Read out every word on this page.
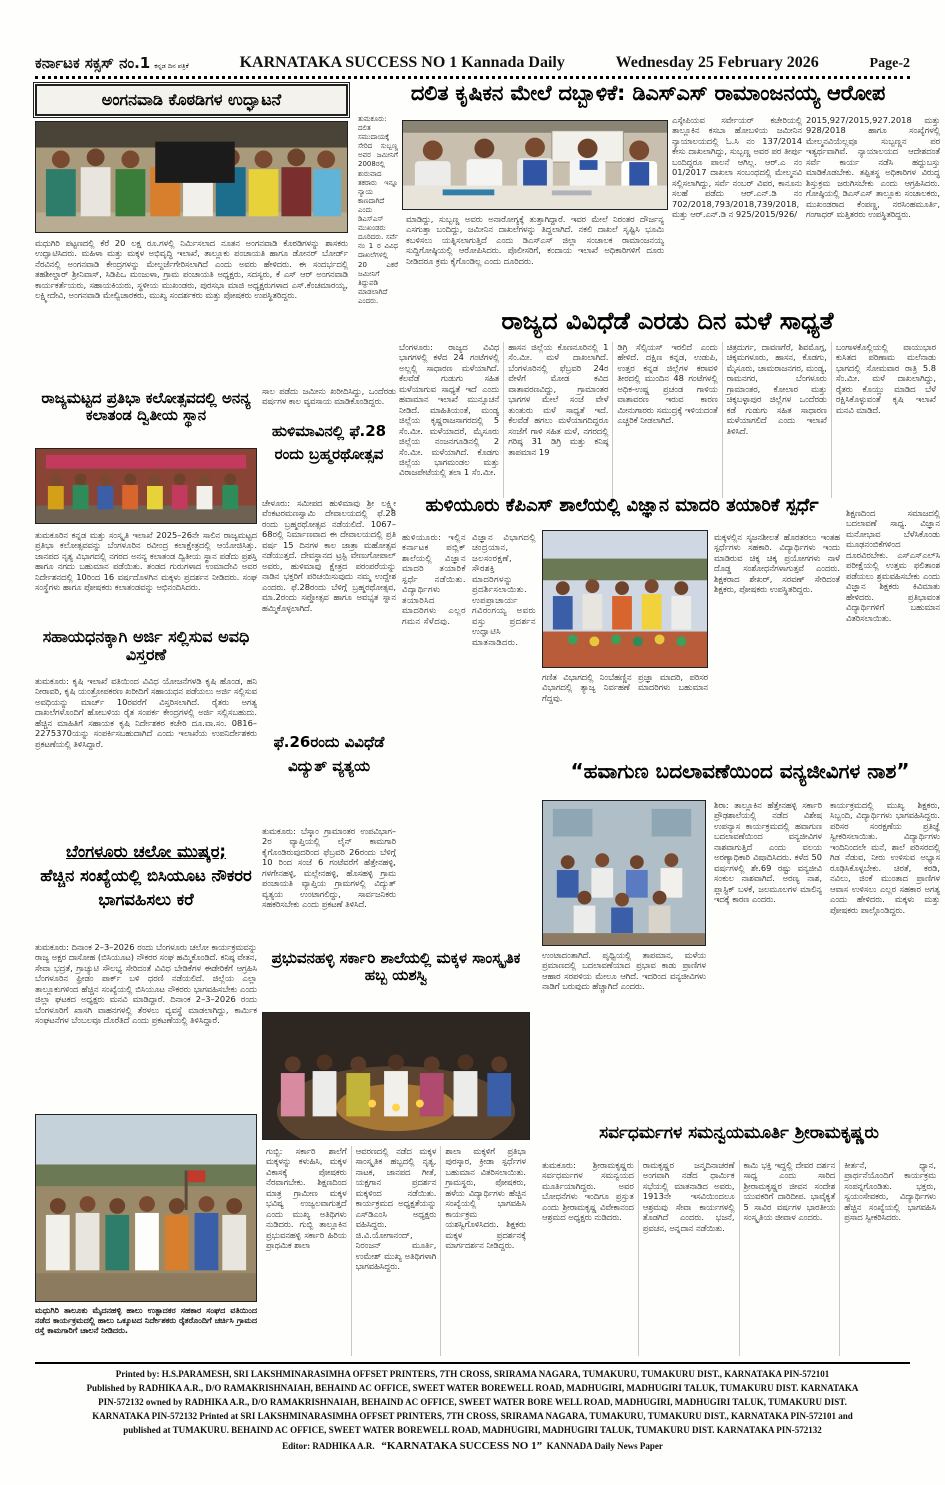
ಕರ್ನಾಟಕ ಸಕ್ಸಸ್ ನಂ.1 ಕನ್ನಡ ದಿನ ಪತ್ರಿಕೆ	KARNATAKA SUCCESS NO 1 Kannada Daily	Wednesday 25 February 2026	Page-2
ಅಂಗನವಾಡಿ ಕೊಠಡಿಗಳ ಉದ್ಘಾಟನೆ
ಮಧುಗಿರಿ ಪಟ್ಟಣದಲ್ಲಿ ಕೆರೆ 20 ಲಕ್ಷ ರೂ.ಗಳಲ್ಲಿ ನಿರ್ಮಿಸಲಾದ ನೂತನ ಅಂಗನವಾಡಿ ಕೊಠಡಿಗಳನ್ನು ಶಾಸಕರು ಉದ್ಘಾಟಿಸಿದರು. ಮಹಿಳಾ ಮತ್ತು ಮಕ್ಕಳ ಅಭಿವೃದ್ಧಿ ಇಲಾಖೆ, ತಾಲ್ಲೂಕು ಪಂಚಾಯತಿ ಹಾಗೂ ಡೋನರ್ ಬೋರ್ಡ್ ನೆರವಿನಲ್ಲಿ ಅಂಗನವಾಡಿ ಕೇಂದ್ರಗಳನ್ನು ಮೇಲ್ದರ್ಜೆಗೇರಿಸಲಾಗಿದೆ ಎಂದು ಅವರು ಹೇಳಿದರು. ಈ ಸಂದರ್ಭದಲ್ಲಿ ತಹಶೀಲ್ದಾರ್ ಶ್ರೀನಿವಾಸ್, ಸಿಡಿಪಿಒ ಮಂಜುಳಾ, ಗ್ರಾಮ ಪಂಚಾಯತಿ ಅಧ್ಯಕ್ಷರು, ಸದಸ್ಯರು, ಕೆ ಎಸ್ ಆರ್ ಅಂಗನವಾಡಿ ಕಾರ್ಯಕರ್ತೆಯರು, ಸಹಾಯಕಿಯರು, ಸ್ಥಳೀಯ ಮುಖಂಡರು, ಪುರಸಭಾ ಮಾಜಿ ಅಧ್ಯಕ್ಷರುಗಳಾದ ಎಸ್.ಕೆಂಚಮಾರಯ್ಯ, ಲಕ್ಷ್ಮೀದೇವಿ, ಅಂಗನವಾಡಿ ಮೇಲ್ವಿಚಾರಕರು, ಮುಖ್ಯ ಸಂದರ್ಶಕರು ಮತ್ತು ಪೋಷಕರು ಉಪಸ್ಥಿತರಿದ್ದರು.
ದಲಿತ ಕೃಷಿಕನ ಮೇಲೆ ದಬ್ಬಾಳಿಕೆ: ಡಿಎಸ್‌ಎಸ್ ರಾಮಾಂಜನಯ್ಯ ಆರೋಪ
ತುಮಕೂರು: ದಲಿತ ಸಮುದಾಯಕ್ಕೆ ಸೇರಿದ ಸುಬ್ಬಣ್ಣ ಅವರ ಜಮೀನಿಗೆ 2008ರಲ್ಲಿ ಶುರುವಾದ ತಕರಾರು ಇನ್ನೂ ನ್ಯಾಯ ಕಾಣದಾಗಿದೆ ಎಂದು ಡಿಎಸ್‌ಎಸ್ ಮುಖಂಡರು ದೂರಿದರು. ಸರ್ವೆ ನಂ 1 ರ ವಿವಿಧ ದಾಖಲೆಗಳಲ್ಲಿ 20 ಎಕರೆ ಜಮೀನಿಗೆ ತಿದ್ದುಪಡಿ ಮಾಡಲಾಗಿದೆ ಎಂದರು.
ಮಾಡಿದ್ದು, ಸುಬ್ಬಣ್ಣ ಅವರು ಅನಾರೋಗ್ಯಕ್ಕೆ ತುತ್ತಾಗಿದ್ದಾರೆ. ಇವರ ಮೇಲೆ ನಿರಂತರ ದೌರ್ಜನ್ಯ ಎಸಗುತ್ತಾ ಬಂದಿದ್ದು, ಜಮೀನಿನ ದಾಖಲೆಗಳನ್ನು ತಿದ್ದಲಾಗಿದೆ. ನಕಲಿ ದಾಖಲೆ ಸೃಷ್ಟಿಸಿ ಭೂಮಿ ಕಬಳಿಸಲು ಯತ್ನಿಸಲಾಗುತ್ತಿದೆ ಎಂದು ಡಿಎಸ್‌ಎಸ್ ಜಿಲ್ಲಾ ಸಂಚಾಲಕ ರಾಮಾಂಜನಯ್ಯ ಸುದ್ದಿಗೋಷ್ಠಿಯಲ್ಲಿ ಆರೋಪಿಸಿದರು. ಪೊಲೀಸರಿಗೆ, ಕಂದಾಯ ಇಲಾಖೆ ಅಧಿಕಾರಿಗಳಿಗೆ ದೂರು ನೀಡಿದರೂ ಕ್ರಮ ಕೈಗೊಂಡಿಲ್ಲ ಎಂದು ದೂರಿದರು.
ಎಸ್ಕೇಪಿಯವ ಸರ್ವೇಯರ್ ಕಚೇರಿಯಲ್ಲಿ ತಾಲ್ಲೂಕಿನ ಕಸಬಾ ಹೋಬಳಿಯ ಜಮೀನಿನ ನ್ಯಾಯಾಲಯದಲ್ಲಿ ಓ.ಸಿ ನಂ 137/2014 ಕೇಸು ದಾಖಲಾಗಿದ್ದು, ಸುಬ್ಬಣ್ಣ ಅವರ ಪರ ತೀರ್ಪು ಬಂದಿದ್ದರೂ ಪಾಲನೆ ಆಗಿಲ್ಲ. ಆರ್.ಎ ನಂ 01/2017 ದಾಖಲಾ ಸಂಬಂಧದಲ್ಲಿ ಮೇಲ್ಮನವಿ ಸಲ್ಲಿಸಲಾಗಿದ್ದು, ಸರ್ವೆ ನಂಬರ್ ವಿವರ, ಕಾನೂನು ಸಲಹೆ ಪಡೆದು ಆರ್.ಎನ್.ಡಿ ನಂ 702/2018,793/2018,739/2018, ಮತ್ತು ಆರ್.ಎನ್.ಡಿ ನ 925/2015/926/
2015,927/2015,927.2018 ಮತ್ತು 928/2018 ಹಾಗೂ ಸಂಖ್ಯೆಗಳಲ್ಲಿ ಮೇಲ್ಮನವಿಯೆಲ್ಲವೂ ಸುಬ್ಬಣ್ಣನ ಪರ ಇತ್ಯರ್ಥವಾಗಿವೆ. ನ್ಯಾಯಾಲಯದ ಆದೇಶದಂತೆ ಸರ್ವೆ ಕಾರ್ಯ ನಡೆಸಿ ಹದ್ದುಬಸ್ತು ಮಾಡಿಕೊಡಬೇಕು. ತಪ್ಪಿತಸ್ಥ ಅಧಿಕಾರಿಗಳ ವಿರುದ್ಧ ಶಿಸ್ತುಕ್ರಮ ಜರುಗಿಸಬೇಕು ಎಂದು ಆಗ್ರಹಿಸಿದರು. ಗೋಷ್ಠಿಯಲ್ಲಿ ಡಿಎಸ್‌ಎಸ್ ತಾಲ್ಲೂಕು ಸಂಚಾಲಕರು, ಮುಖಂಡರಾದ ಕೆಂಪಣ್ಣ, ನರಸಿಂಹಮೂರ್ತಿ, ಗಂಗಾಧರ್ ಮತ್ತಿತರರು ಉಪಸ್ಥಿತರಿದ್ದರು.
ಸಾಲ ಪಡೆದು ಜಮೀನು ಖರೀದಿಸಿದ್ದು, ಒಂದೆರಡು ವರ್ಷಗಳ ಕಾಲ ವ್ಯವಸಾಯ ಮಾಡಿಕೊಂಡಿದ್ದರು.
ರಾಜ್ಯದ ವಿವಿಧೆಡೆ ಎರಡು ದಿನ ಮಳೆ ಸಾಧ್ಯತೆ
ಬೆಂಗಳೂರು: ರಾಜ್ಯದ ವಿವಿಧ ಭಾಗಗಳಲ್ಲಿ ಕಳೆದ 24 ಗಂಟೆಗಳಲ್ಲಿ ಅಲ್ಲಲ್ಲಿ ಸಾಧಾರಣ ಮಳೆಯಾಗಿದೆ. ಕೆಲವೆಡೆ ಗುಡುಗು ಸಹಿತ ಮಳೆಯಾಗುವ ಸಾಧ್ಯತೆ ಇದೆ ಎಂದು ಹವಾಮಾನ ಇಲಾಖೆ ಮುನ್ಸೂಚನೆ ನೀಡಿದೆ. ಮಾಹಿತಿಯಂತೆ, ಮಂಡ್ಯ ಜಿಲ್ಲೆಯ ಕೃಷ್ಣರಾಜಸಾಗರದಲ್ಲಿ 5 ಸೆಂ.ಮೀ. ಮಳೆಯಾದರೆ, ಮೈಸೂರು ಜಿಲ್ಲೆಯ ನಂಜನಗೂಡಿನಲ್ಲಿ 2 ಸೆಂ.ಮೀ. ಮಳೆಯಾಗಿದೆ. ಕೊಡಗು ಜಿಲ್ಲೆಯ ಭಾಗಮಂಡಲ ಮತ್ತು ವಿರಾಜಪೇಟೆಯಲ್ಲಿ ತಲಾ 1 ಸೆಂ.ಮೀ.
ಹಾಸನ ಜಿಲ್ಲೆಯ ಕೊಣನೂರಿನಲ್ಲಿ 1 ಸೆಂ.ಮೀ. ಮಳೆ ದಾಖಲಾಗಿದೆ. ಬೆಂಗಳೂರಿನಲ್ಲಿ ಫೆಬ್ರವರಿ 24ರ ವೇಳೆಗೆ ಮೋಡ ಕವಿದ ವಾತಾವರಣವಿದ್ದು, ಗ್ರಾಮಾಂತರ ಭಾಗಗಳ ಮೇಲೆ ಸಂಜೆ ವೇಳೆ ತುಂತುರು ಮಳೆ ಸಾಧ್ಯತೆ ಇದೆ. ಕೆಲವೆಡೆ ಹಗಲು ಮಳೆಯಾಗದಿದ್ದರೂ ಸಂಜೆಗೆ ಗಾಳಿ ಸಹಿತ ಮಳೆ, ನಗರದಲ್ಲಿ ಗರಿಷ್ಠ 31 ಡಿಗ್ರಿ ಮತ್ತು ಕನಿಷ್ಠ ತಾಪಮಾನ 19
ಡಿಗ್ರಿ ಸೆಲ್ಸಿಯಸ್ ಇರಲಿದೆ ಎಂದು ಹೇಳಿದೆ. ದಕ್ಷಿಣ ಕನ್ನಡ, ಉಡುಪಿ, ಉತ್ತರ ಕನ್ನಡ ಜಿಲ್ಲೆಗಳ ಕರಾವಳಿ ತೀರದಲ್ಲಿ ಮುಂದಿನ 48 ಗಂಟೆಗಳಲ್ಲಿ ಅಧಿಕ-ಉಷ್ಣ ಪ್ರಚಂಡ ಗಾಳಿಯ ವಾತಾವರಣ ಇರುವ ಕಾರಣ ಮೀನುಗಾರರು ಸಮುದ್ರಕ್ಕೆ ಇಳಿಯದಂತೆ ಎಚ್ಚರಿಕೆ ನೀಡಲಾಗಿದೆ.
ಚಿತ್ರದುರ್ಗ, ದಾವಣಗೆರೆ, ಶಿವಮೊಗ್ಗ, ಚಿಕ್ಕಮಗಳೂರು, ಹಾಸನ, ಕೊಡಗು, ಮೈಸೂರು, ಚಾಮರಾಜನಗರ, ಮಂಡ್ಯ, ರಾಮನಗರ, ಬೆಂಗಳೂರು ಗ್ರಾಮಾಂತರ, ಕೋಲಾರ ಮತ್ತು ಚಿಕ್ಕಬಳ್ಳಾಪುರ ಜಿಲ್ಲೆಗಳ ಒಂದೆರಡು ಕಡೆ ಗುಡುಗು ಸಹಿತ ಸಾಧಾರಣ ಮಳೆಯಾಗಲಿದೆ ಎಂದು ಇಲಾಖೆ ತಿಳಿಸಿದೆ.
ಬಂಗಾಳಕೊಲ್ಲಿಯಲ್ಲಿ ವಾಯುಭಾರ ಕುಸಿತದ ಪರಿಣಾಮ ಮಲೆನಾಡು ಭಾಗದಲ್ಲಿ ಸೋಮವಾರ ರಾತ್ರಿ 5.8 ಸೆಂ.ಮೀ. ಮಳೆ ದಾಖಲಾಗಿದ್ದು, ರೈತರು ಕೊಯ್ಲು ಮಾಡಿದ ಬೆಳೆ ರಕ್ಷಿಸಿಕೊಳ್ಳುವಂತೆ ಕೃಷಿ ಇಲಾಖೆ ಮನವಿ ಮಾಡಿದೆ.
ರಾಜ್ಯಮಟ್ಟದ ಪ್ರತಿಭಾ ಕಲೋತ್ಸವದಲ್ಲಿ ಅನನ್ಯ ಕಲಾತಂಡ ದ್ವಿತೀಯ ಸ್ಥಾನ
ತುಮಕೂರಿನ ಕನ್ನಡ ಮತ್ತು ಸಂಸ್ಕೃತಿ ಇಲಾಖೆ 2025–26ನೇ ಸಾಲಿನ ರಾಜ್ಯಮಟ್ಟದ ಪ್ರತಿಭಾ ಕಲೋತ್ಸವವನ್ನು ಬೆಂಗಳೂರಿನ ರವೀಂದ್ರ ಕಲಾಕ್ಷೇತ್ರದಲ್ಲಿ ಆಯೋಜಿಸಿತ್ತು. ಜಾನಪದ ನೃತ್ಯ ವಿಭಾಗದಲ್ಲಿ ನಗರದ ಅನನ್ಯ ಕಲಾತಂಡ ದ್ವಿತೀಯ ಸ್ಥಾನ ಪಡೆದು ಪ್ರಶಸ್ತಿ ಹಾಗೂ ನಗದು ಬಹುಮಾನ ಪಡೆಯಿತು. ತಂಡದ ಗುರುಗಳಾದ ಉಮಾದೇವಿ ಅವರ ನಿರ್ದೇಶನದಲ್ಲಿ 10ರಿಂದ 16 ವರ್ಷದೊಳಗಿನ ಮಕ್ಕಳು ಪ್ರದರ್ಶನ ನೀಡಿದರು. ಸಂಘ ಸಂಸ್ಥೆಗಳು ಹಾಗೂ ಪೋಷಕರು ಕಲಾತಂಡವನ್ನು ಅಭಿನಂದಿಸಿದರು.
ಸಹಾಯಧನಕ್ಕಾಗಿ ಅರ್ಜಿ ಸಲ್ಲಿಸುವ ಅವಧಿ ವಿಸ್ತರಣೆ
ತುಮಕೂರು: ಕೃಷಿ ಇಲಾಖೆ ವತಿಯಿಂದ ವಿವಿಧ ಯೋಜನೆಗಳಡಿ ಕೃಷಿ ಹೊಂಡ, ಹನಿ ನೀರಾವರಿ, ಕೃಷಿ ಯಂತ್ರೋಪಕರಣ ಖರೀದಿಗೆ ಸಹಾಯಧನ ಪಡೆಯಲು ಅರ್ಜಿ ಸಲ್ಲಿಸುವ ಅವಧಿಯನ್ನು ಮಾರ್ಚ್ 10ರವರೆಗೆ ವಿಸ್ತರಿಸಲಾಗಿದೆ. ರೈತರು ಅಗತ್ಯ ದಾಖಲೆಗಳೊಂದಿಗೆ ಹೋಬಳಿಯ ರೈತ ಸಂಪರ್ಕ ಕೇಂದ್ರಗಳಲ್ಲಿ ಅರ್ಜಿ ಸಲ್ಲಿಸಬಹುದು. ಹೆಚ್ಚಿನ ಮಾಹಿತಿಗೆ ಸಹಾಯಕ ಕೃಷಿ ನಿರ್ದೇಶಕರ ಕಚೇರಿ ದೂ.ವಾ.ಸಂ. 0816–2275370ಯನ್ನು ಸಂಪರ್ಕಿಸಬಹುದಾಗಿದೆ ಎಂದು ಇಲಾಖೆಯ ಉಪನಿರ್ದೇಶಕರು ಪ್ರಕಟಣೆಯಲ್ಲಿ ತಿಳಿಸಿದ್ದಾರೆ.
ಬೆಂಗಳೂರು ಚಲೋ ಮುಷ್ಕರ;
ಹೆಚ್ಚಿನ ಸಂಖ್ಯೆಯಲ್ಲಿ ಬಿಸಿಯೂಟ ನೌಕರರ ಭಾಗವಹಿಸಲು ಕರೆ
ತುಮಕೂರು: ದಿನಾಂಕ 2–3–2026 ರಂದು ಬೆಂಗಳೂರು ಚಲೋ ಕಾರ್ಯಕ್ರಮವನ್ನು ರಾಜ್ಯ ಅಕ್ಷರ ದಾಸೋಹ (ಬಿಸಿಯೂಟ) ನೌಕರರ ಸಂಘ ಹಮ್ಮಿಕೊಂಡಿದೆ. ಕನಿಷ್ಠ ವೇತನ, ಸೇವಾ ಭದ್ರತೆ, ಗ್ರಾಚ್ಯುಟಿ ಸೌಲಭ್ಯ ಸೇರಿದಂತೆ ವಿವಿಧ ಬೇಡಿಕೆಗಳ ಈಡೇರಿಕೆಗೆ ಆಗ್ರಹಿಸಿ ಬೆಂಗಳೂರಿನ ಫ್ರೀಡಂ ಪಾರ್ಕ್ ಬಳಿ ಧರಣಿ ನಡೆಯಲಿದೆ. ಜಿಲ್ಲೆಯ ಎಲ್ಲಾ ತಾಲ್ಲೂಕುಗಳಿಂದ ಹೆಚ್ಚಿನ ಸಂಖ್ಯೆಯಲ್ಲಿ ಬಿಸಿಯೂಟ ನೌಕರರು ಭಾಗವಹಿಸಬೇಕು ಎಂದು ಜಿಲ್ಲಾ ಘಟಕದ ಅಧ್ಯಕ್ಷರು ಮನವಿ ಮಾಡಿದ್ದಾರೆ. ದಿನಾಂಕ 2–3–2026 ರಂದು ಬೆಂಗಳೂರಿಗೆ ಖಾಸಗಿ ವಾಹನಗಳಲ್ಲಿ ತೆರಳಲು ವ್ಯವಸ್ಥೆ ಮಾಡಲಾಗಿದ್ದು, ಕಾರ್ಮಿಕ ಸಂಘಟನೆಗಳ ಬೆಂಬಲವೂ ದೊರೆತಿದೆ ಎಂದು ಪ್ರಕಟಣೆಯಲ್ಲಿ ತಿಳಿಸಿದ್ದಾರೆ.
ಮಧುಗಿರಿ ತಾಲೂಕು ಮೈದನಹಳ್ಳಿ ಹಾಲು ಉತ್ಪಾದಕರ ಸಹಕಾರ ಸಂಘದ ವತಿಯಿಂದ ನಡೆದ ಕಾರ್ಯಕ್ರಮದಲ್ಲಿ ಹಾಲು ಒಕ್ಕೂಟದ ನಿರ್ದೇಶಕರು ರೈತರೊಂದಿಗೆ ಚರ್ಚಿಸಿ ಗ್ರಾಮದ ರಸ್ತೆ ಕಾಮಗಾರಿಗೆ ಚಾಲನೆ ನೀಡಿದರು.
ಹುಳಿಮಾವಿನಲ್ಲಿ ಫೆ.28 ರಂದು ಬ್ರಹ್ಮರಥೋತ್ಸವ
ಚೇಳೂರು: ಸಮೀಪದ ಹುಳಿಮಾವು ಶ್ರೀ ಲಕ್ಷ್ಮೀ ವೆಂಕಟರಮಣಸ್ವಾಮಿ ದೇವಾಲಯದಲ್ಲಿ ಫೆ.28 ರಂದು ಬ್ರಹ್ಮರಥೋತ್ಸವ ನಡೆಯಲಿದೆ. 1067–68ರಲ್ಲಿ ನಿರ್ಮಾಣವಾದ ಈ ದೇವಾಲಯದಲ್ಲಿ ಪ್ರತಿ ವರ್ಷ 15 ದಿನಗಳ ಕಾಲ ಜಾತ್ರಾ ಮಹೋತ್ಸವ ನಡೆಯುತ್ತದೆ. ದೇವಸ್ಥಾನದ ಟ್ರಸ್ಟಿ ವೇಣುಗೋಪಾಲ್ ಅವರು, ಹುಳಿಮಾವು ಕ್ಷೇತ್ರದ ಪರಂಪರೆಯನ್ನು ನಾಡಿನ ಭಕ್ತರಿಗೆ ಪರಿಚಯಿಸುವುದು ನಮ್ಮ ಉದ್ದೇಶ ಎಂದರು. ಫೆ.28ರಂದು ಬೆಳಿಗ್ಗೆ ಬ್ರಹ್ಮರಥೋತ್ಸವ, ಮಾ.2ರಂದು ಸಪ್ತೋತ್ಸವ ಹಾಗೂ ಅವಭೃತ ಸ್ನಾನ ಹಮ್ಮಿಕೊಳ್ಳಲಾಗಿದೆ.
ಫೆ.26ರಂದು ವಿವಿಧೆಡೆ ವಿದ್ಯುತ್ ವ್ಯತ್ಯಯ
ತುಮಕೂರು: ಬೆಸ್ಕಾಂ ಗ್ರಾಮಾಂತರ ಉಪವಿಭಾಗ–2ರ ವ್ಯಾಪ್ತಿಯಲ್ಲಿ ಲೈನ್ ಕಾಮಗಾರಿ ಕೈಗೊಂಡಿರುವುದರಿಂದ ಫೆಬ್ರವರಿ 26ರಂದು ಬೆಳಿಗ್ಗೆ 10 ರಿಂದ ಸಂಜೆ 6 ಗಂಟೆವರೆಗೆ ಹೆತ್ತೇನಹಳ್ಳಿ, ಗಳಗೇನಹಳ್ಳಿ, ಮಲ್ಲೇನಹಳ್ಳಿ, ಹೊಸಹಳ್ಳಿ ಗ್ರಾಮ ಪಂಚಾಯತಿ ವ್ಯಾಪ್ತಿಯ ಗ್ರಾಮಗಳಲ್ಲಿ ವಿದ್ಯುತ್ ವ್ಯತ್ಯಯ ಉಂಟಾಗಲಿದ್ದು, ಸಾರ್ವಜನಿಕರು ಸಹಕರಿಸಬೇಕು ಎಂದು ಪ್ರಕಟಣೆ ತಿಳಿಸಿದೆ.
ಪ್ರಭುವನಹಳ್ಳಿ ಸರ್ಕಾರಿ ಶಾಲೆಯಲ್ಲಿ ಮಕ್ಕಳ ಸಾಂಸ್ಕೃತಿಕ ಹಬ್ಬ ಯಶಸ್ವಿ
ಗುಬ್ಬಿ: ಸರ್ಕಾರಿ ಶಾಲೆಗೆ ಮಕ್ಕಳನ್ನು ಕಳುಹಿಸಿ, ಮಕ್ಕಳ ವಿಕಾಸಕ್ಕೆ ಪೋಷಕರು ನೆರವಾಗಬೇಕು. ಶಿಕ್ಷಣದಿಂದ ಮಾತ್ರ ಗ್ರಾಮೀಣ ಮಕ್ಕಳ ಭವಿಷ್ಯ ಉಜ್ವಲವಾಗುತ್ತದೆ ಎಂದು ಮುಖ್ಯ ಅತಿಥಿಗಳು ನುಡಿದರು. ಗುಬ್ಬಿ ತಾಲ್ಲೂಕಿನ ಪ್ರಭುವನಹಳ್ಳಿ ಸರ್ಕಾರಿ ಹಿರಿಯ ಪ್ರಾಥಮಿಕ ಶಾಲಾ
ಆವರಣದಲ್ಲಿ ನಡೆದ ಮಕ್ಕಳ ಸಾಂಸ್ಕೃತಿಕ ಹಬ್ಬದಲ್ಲಿ ನೃತ್ಯ, ನಾಟಕ, ಜಾನಪದ ಗೀತೆ, ಯಕ್ಷಗಾನ ಪ್ರದರ್ಶನ ಮಕ್ಕಳಿಂದ ನಡೆಯಿತು. ಕಾರ್ಯಕ್ರಮದ ಅಧ್ಯಕ್ಷತೆಯನ್ನು ಎಸ್‌ಡಿಎಂಸಿ ಅಧ್ಯಕ್ಷರು ವಹಿಸಿದ್ದರು. ಜಿ.ವಿ.ಯೋಗಾನಂದ್, ನಿರಂಜನ್ ಮೂರ್ತಿ, ಉಮೇಶ್ ಮುಖ್ಯ ಅತಿಥಿಗಳಾಗಿ ಭಾಗವಹಿಸಿದ್ದರು.
ಶಾಲಾ ಮಕ್ಕಳಿಗೆ ಪ್ರತಿಭಾ ಪುರಸ್ಕಾರ, ಕ್ರೀಡಾ ಸ್ಪರ್ಧೆಗಳ ಬಹುಮಾನ ವಿತರಿಸಲಾಯಿತು. ಗ್ರಾಮಸ್ಥರು, ಪೋಷಕರು, ಹಳೆಯ ವಿದ್ಯಾರ್ಥಿಗಳು ಹೆಚ್ಚಿನ ಸಂಖ್ಯೆಯಲ್ಲಿ ಭಾಗವಹಿಸಿ ಕಾರ್ಯಕ್ರಮ ಯಶಸ್ವಿಗೊಳಿಸಿದರು. ಶಿಕ್ಷಕರು ಮಕ್ಕಳ ಪ್ರದರ್ಶನಕ್ಕೆ ಮಾರ್ಗದರ್ಶನ ನೀಡಿದ್ದರು.
ಹುಳಿಯೂರು ಕೆಪಿಎಸ್ ಶಾಲೆಯಲ್ಲಿ ವಿಜ್ಞಾನ ಮಾದರಿ ತಯಾರಿಕೆ ಸ್ಪರ್ಧೆ
ಹುಳಿಯೂರು: ಇಲ್ಲಿನ ಕರ್ನಾಟಕ ಪಬ್ಲಿಕ್ ಶಾಲೆಯಲ್ಲಿ ವಿಜ್ಞಾನ ಮಾದರಿ ತಯಾರಿಕೆ ಸ್ಪರ್ಧೆ ನಡೆಯಿತು. ವಿದ್ಯಾರ್ಥಿಗಳು ತಯಾರಿಸಿದ ಮಾದರಿಗಳು ಎಲ್ಲರ ಗಮನ ಸೆಳೆದವು.
ವಿಜ್ಞಾನ ವಿಭಾಗದಲ್ಲಿ ಚಂದ್ರಯಾನ, ಜಲಸಂರಕ್ಷಣೆ, ಸೌರಶಕ್ತಿ ಮಾದರಿಗಳನ್ನು ಪ್ರದರ್ಶಿಸಲಾಯಿತು. ಉಪಪ್ರಾಚಾರ್ಯ ಗವಿರಂಗಯ್ಯ ಅವರು ವಸ್ತು ಪ್ರದರ್ಶನ ಉದ್ಘಾಟಿಸಿ ಮಾತನಾಡಿದರು.
ಗಣಿತ ವಿಭಾಗದಲ್ಲಿ ನಿಂಬೆಹಣ್ಣಿನ ಪ್ರಜ್ಞಾ ಮಾದರಿ, ಪರಿಸರ ವಿಭಾಗದಲ್ಲಿ ತ್ಯಾಜ್ಯ ನಿರ್ವಹಣೆ ಮಾದರಿಗಳು ಬಹುಮಾನ ಗೆದ್ದವು.
ಮಕ್ಕಳಲ್ಲಿನ ಸೃಜನಶೀಲತೆ ಹೊರತರಲು ಇಂತಹ ಸ್ಪರ್ಧೆಗಳು ಸಹಕಾರಿ. ವಿದ್ಯಾರ್ಥಿಗಳು ಇಂದು ಮಾಡಿರುವ ಚಿಕ್ಕ ಚಿಕ್ಕ ಪ್ರಯೋಗಗಳು ನಾಳೆ ದೊಡ್ಡ ಸಂಶೋಧನೆಗಳಾಗುತ್ತವೆ ಎಂದರು. ಶಿಕ್ಷಕರಾದ ಶೇಖರ್, ಸರವಣ್ ಸೇರಿದಂತೆ ಶಿಕ್ಷಕರು, ಪೋಷಕರು ಉಪಸ್ಥಿತರಿದ್ದರು.
ಶಿಕ್ಷಣದಿಂದ ಸಮಾಜದಲ್ಲಿ ಬದಲಾವಣೆ ಸಾಧ್ಯ. ವಿಜ್ಞಾನ ಮನೋಭಾವ ಬೆಳೆಸಿಕೊಂಡು ಮೂಢನಂಬಿಕೆಗಳಿಂದ ದೂರವಿರಬೇಕು. ಎಸ್‌ಎಸ್‌ಎಲ್‌ಸಿ ಪರೀಕ್ಷೆಯಲ್ಲಿ ಉತ್ತಮ ಫಲಿತಾಂಶ ಪಡೆಯಲು ಶ್ರಮವಹಿಸಬೇಕು ಎಂದು ವಿಜ್ಞಾನ ಶಿಕ್ಷಕರು ಕಿವಿಮಾತು ಹೇಳಿದರು. ಪ್ರತಿಭಾವಂತ ವಿದ್ಯಾರ್ಥಿಗಳಿಗೆ ಬಹುಮಾನ ವಿತರಿಸಲಾಯಿತು.
“ಹವಾಗುಣ ಬದಲಾವಣೆಯಿಂದ ವನ್ಯಜೀವಿಗಳ ನಾಶ”
ಉಂಟಾದಂತಾಗಿದೆ. ಪೃಥ್ವಿಯಲ್ಲಿ ತಾಪಮಾನ, ಮಳೆಯ ಪ್ರಮಾಣದಲ್ಲಿ ಬದಲಾವಣೆಯಾದ ಪ್ರಭಾವ ಕಾಡು ಪ್ರಾಣಿಗಳ ಆಹಾರ ಸರಪಳಿಯ ಮೇಲೂ ಆಗಿದೆ. ಇದರಿಂದ ವನ್ಯಜೀವಿಗಳು ನಾಡಿಗೆ ಬರುವುದು ಹೆಚ್ಚಾಗಿದೆ ಎಂದರು.
ಶಿರಾ: ತಾಲ್ಲೂಕಿನ ಹೆತ್ತೇನಹಳ್ಳಿ ಸರ್ಕಾರಿ ಪ್ರೌಢಶಾಲೆಯಲ್ಲಿ ನಡೆದ ವಿಶೇಷ ಉಪನ್ಯಾಸ ಕಾರ್ಯಕ್ರಮದಲ್ಲಿ ಹವಾಗುಣ ಬದಲಾವಣೆಯಿಂದ ವನ್ಯಜೀವಿಗಳ ನಾಶವಾಗುತ್ತಿದೆ ಎಂದು ವಲಯ ಅರಣ್ಯಾಧಿಕಾರಿ ವಿಷಾದಿಸಿದರು. ಕಳೆದ 50 ವರ್ಷಗಳಲ್ಲಿ ಶೇ.69 ರಷ್ಟು ವನ್ಯಜೀವಿ ಸಂಕುಲ ನಾಶವಾಗಿದೆ. ಅರಣ್ಯ ನಾಶ, ಪ್ಲಾಸ್ಟಿಕ್ ಬಳಕೆ, ಜಲಮೂಲಗಳ ಮಾಲಿನ್ಯ ಇದಕ್ಕೆ ಕಾರಣ ಎಂದರು.
ಕಾರ್ಯಕ್ರಮದಲ್ಲಿ ಮುಖ್ಯ ಶಿಕ್ಷಕರು, ಸಿಬ್ಬಂದಿ, ವಿದ್ಯಾರ್ಥಿಗಳು ಭಾಗವಹಿಸಿದ್ದರು. ಪರಿಸರ ಸಂರಕ್ಷಣೆಯ ಪ್ರತಿಜ್ಞೆ ಸ್ವೀಕರಿಸಲಾಯಿತು. ವಿದ್ಯಾರ್ಥಿಗಳು ಇಂದಿನಿಂದಲೇ ಮನೆ, ಶಾಲೆ ಪರಿಸರದಲ್ಲಿ ಗಿಡ ನೆಡುವ, ನೀರು ಉಳಿಸುವ ಅಭ್ಯಾಸ ರೂಢಿಸಿಕೊಳ್ಳಬೇಕು. ಚಿರತೆ, ಕರಡಿ, ನವಿಲು, ಜಿಂಕೆ ಮುಂತಾದ ಪ್ರಾಣಿಗಳ ಆವಾಸ ಉಳಿಸಲು ಎಲ್ಲರ ಸಹಕಾರ ಅಗತ್ಯ ಎಂದು ಹೇಳಿದರು. ಮಕ್ಕಳು ಮತ್ತು ಪೋಷಕರು ಪಾಲ್ಗೊಂಡಿದ್ದರು.
ಸರ್ವಧರ್ಮಗಳ ಸಮನ್ವಯಮೂರ್ತಿ ಶ್ರೀರಾಮಕೃಷ್ಣರು
ತುಮಕೂರು: ಶ್ರೀರಾಮಕೃಷ್ಣರು ಸರ್ವಧರ್ಮಗಳ ಸಮನ್ವಯದ ಮೂರ್ತಿಯಾಗಿದ್ದರು. ಅವರ ಬೋಧನೆಗಳು ಇಂದಿಗೂ ಪ್ರಸ್ತುತ ಎಂದು ಶ್ರೀರಾಮಕೃಷ್ಣ ವಿವೇಕಾನಂದ ಆಶ್ರಮದ ಅಧ್ಯಕ್ಷರು ನುಡಿದರು.
ರಾಮಕೃಷ್ಣರ ಜನ್ಮದಿನಾಚರಣೆ ಅಂಗವಾಗಿ ನಡೆದ ಧಾರ್ಮಿಕ ಸಭೆಯಲ್ಲಿ ಮಾತನಾಡಿದ ಅವರು, 1913ನೇ ಇಸವಿಯಿಂದಲೂ ಆಶ್ರಮವು ಸೇವಾ ಕಾರ್ಯಗಳಲ್ಲಿ ತೊಡಗಿದೆ ಎಂದರು. ಭಜನೆ, ಪ್ರವಚನ, ಅನ್ನದಾನ ನಡೆಯಿತು.
ಕಾಮಿ ಭಕ್ತಿ ಇದ್ದಲ್ಲಿ ದೇವರ ದರ್ಶನ ಸಾಧ್ಯ ಎಂದು ಸಾರಿದ ಶ್ರೀರಾಮಕೃಷ್ಣರ ಜೀವನ ಸಂದೇಶ ಯುವಕರಿಗೆ ದಾರಿದೀಪ. ಭಾವೈಕ್ಯತೆ 5 ಸಾವಿರ ವರ್ಷಗಳ ಭಾರತೀಯ ಸಂಸ್ಕೃತಿಯ ಜೀವಾಳ ಎಂದರು.
ಕೀರ್ತನೆ, ಧ್ಯಾನ, ಪ್ರಾರ್ಥನೆಯೊಂದಿಗೆ ಕಾರ್ಯಕ್ರಮ ಸಂಪನ್ನಗೊಂಡಿತು. ಭಕ್ತರು, ಸ್ವಯಂಸೇವಕರು, ವಿದ್ಯಾರ್ಥಿಗಳು ಹೆಚ್ಚಿನ ಸಂಖ್ಯೆಯಲ್ಲಿ ಭಾಗವಹಿಸಿ ಪ್ರಸಾದ ಸ್ವೀಕರಿಸಿದರು.
Printed by: H.S.PARAMESH, SRI LAKSHMINARASIMHA OFFSET PRINTERS, 7TH CROSS, SRIRAMA NAGARA, TUMAKURU, TUMAKURU DIST., KARNATAKA PIN-572101
Published by RADHIKA A.R., D/O RAMAKRISHNAIAH, BEHAIND AC OFFICE, SWEET WATER BOREWELL ROAD, MADHUGIRI, MADHUGIRI TALUK, TUMAKURU DIST. KARNATAKA
PIN-572132 owned by RADHIKA A.R., D/O RAMAKRISHNAIAH, BEHAIND AC OFFICE, SWEET WATER BORE WELL ROAD, MADHUGIRI, MADHUGIRI TALUK, TUMAKURU DIST.
KARNATAKA PIN-572132 Printed at SRI LAKSHMINARASIMHA OFFSET PRINTERS, 7TH CROSS, SRIRAMA NAGARA, TUMAKURU, TUMAKURU DIST., KARNATAKA PIN-572101 and
published at TUMAKURU. BEHAIND AC OFFICE, SWEET WATER BOREWELL ROAD, MADHUGIRI, MADHUGIRI TALUK, TUMAKURU DIST. KARNATAKA PIN-572132
Editor: RADHIKA A.R. “KARNATAKA SUCCESS NO 1” KANNADA Daily News Paper
